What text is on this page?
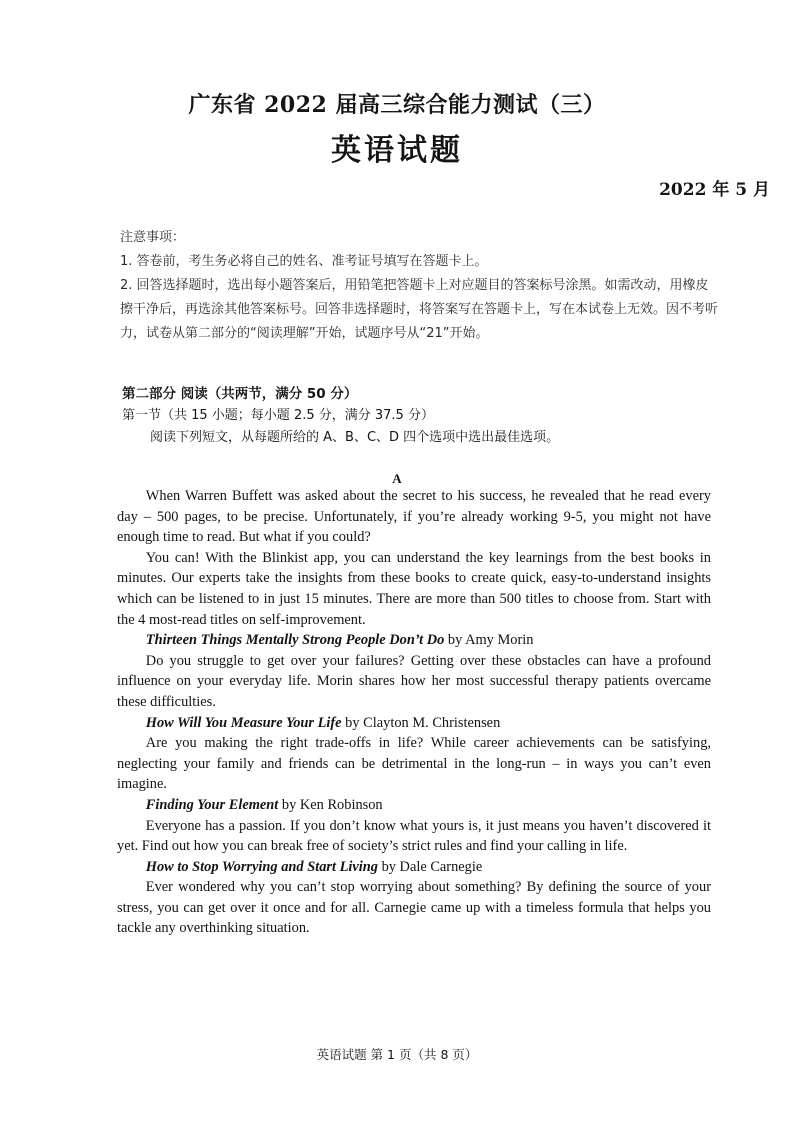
广东省 2022 届高三综合能力测试（三）
英语试题
2022 年 5 月

注意事项：

1. 答卷前，考生务必将自己的姓名、准考证号填写在答题卡上。

2. 回答选择题时，选出每小题答案后，用铅笔把答题卡上对应题目的答案标号涂黑。如需改动，用橡皮擦干净后，再选涂其他答案标号。回答非选择题时，将答案写在答题卡上，写在本试卷上无效。因不考听力，试卷从第二部分的“阅读理解”开始，试题序号从“21”开始。

第二部分 阅读（共两节，满分 50 分）
第一节（共 15 小题；每小题 2.5 分，满分 37.5 分）
阅读下列短文，从每题所给的 A、B、C、D 四个选项中选出最佳选项。
A

When Warren Buffett was asked about the secret to his success, he revealed that he read every day – 500 pages, to be precise. Unfortunately, if you’re already working 9-5, you might not have enough time to read. But what if you could?

You can! With the Blinkist app, you can understand the key learnings from the best books in minutes. Our experts take the insights from these books to create quick, easy-to-understand insights which can be listened to in just 15 minutes. There are more than 500 titles to choose from. Start with the 4 most-read titles on self-improvement.

Thirteen Things Mentally Strong People Don’t Do by Amy Morin

Do you struggle to get over your failures? Getting over these obstacles can have a profound influence on your everyday life. Morin shares how her most successful therapy patients overcame these difficulties.

How Will You Measure Your Life by Clayton M. Christensen

Are you making the right trade-offs in life? While career achievements can be satisfying, neglecting your family and friends can be detrimental in the long-run – in ways you can’t even imagine.

Finding Your Element by Ken Robinson

Everyone has a passion. If you don’t know what yours is, it just means you haven’t discovered it yet. Find out how you can break free of society’s strict rules and find your calling in life.

How to Stop Worrying and Start Living by Dale Carnegie

Ever wondered why you can’t stop worrying about something? By defining the source of your stress, you can get over it once and for all. Carnegie came up with a timeless formula that helps you tackle any overthinking situation.

英语试题 第 1 页（共 8 页）
